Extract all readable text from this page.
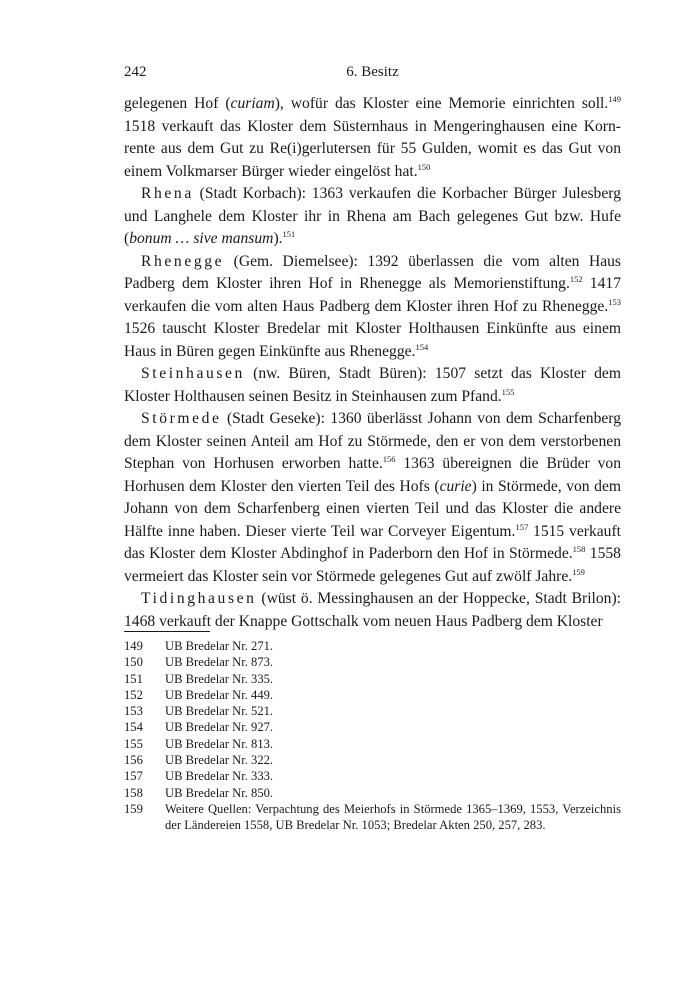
242	6. Besitz

gelegenen Hof (curiam), wofür das Kloster eine Memorie einrichten soll.$^{149}$ 1518 verkauft das Kloster dem Süsternhaus in Mengeringhausen eine Kornrente aus dem Gut zu Re(i)gerlutersen für 55 Gulden, womit es das Gut von einem Volkmarser Bürger wieder eingelöst hat.$^{150}$

Rhena (Stadt Korbach): 1363 verkaufen die Korbacher Bürger Julesberg und Langhele dem Kloster ihr in Rhena am Bach gelegenes Gut bzw. Hufe (bonum … sive mansum).$^{151}$

Rhenegge (Gem. Diemelsee): 1392 überlassen die vom alten Haus Padberg dem Kloster ihren Hof in Rhenegge als Memorienstiftung.$^{152}$ 1417 verkaufen die vom alten Haus Padberg dem Kloster ihren Hof zu Rhenegge.$^{153}$ 1526 tauscht Kloster Bredelar mit Kloster Holthausen Einkünfte aus einem Haus in Büren gegen Einkünfte aus Rhenegge.$^{154}$

Steinhausen (nw. Büren, Stadt Büren): 1507 setzt das Kloster dem Kloster Holthausen seinen Besitz in Steinhausen zum Pfand.$^{155}$

Störmede (Stadt Geseke): 1360 überlässt Johann von dem Scharfenberg dem Kloster seinen Anteil am Hof zu Störmede, den er von dem verstorbenen Stephan von Horhusen erworben hatte.$^{156}$ 1363 übereignen die Brüder von Horhusen dem Kloster den vierten Teil des Hofs (curie) in Störmede, von dem Johann von dem Scharfenberg einen vierten Teil und das Kloster die andere Hälfte inne haben. Dieser vierte Teil war Corveyer Eigentum.$^{157}$ 1515 verkauft das Kloster dem Kloster Abdinghof in Paderborn den Hof in Störmede.$^{158}$ 1558 vermeiert das Kloster sein vor Störmede gelegenes Gut auf zwölf Jahre.$^{159}$

Tidinghausen (wüst ö. Messinghausen an der Hoppecke, Stadt Brilon): 1468 verkauft der Knappe Gottschalk vom neuen Haus Padberg dem Kloster

149	UB Bredelar Nr. 271.
150	UB Bredelar Nr. 873.
151	UB Bredelar Nr. 335.
152	UB Bredelar Nr. 449.
153	UB Bredelar Nr. 521.
154	UB Bredelar Nr. 927.
155	UB Bredelar Nr. 813.
156	UB Bredelar Nr. 322.
157	UB Bredelar Nr. 333.
158	UB Bredelar Nr. 850.
159	Weitere Quellen: Verpachtung des Meierhofs in Störmede 1365–1369, 1553, Verzeichnis der Ländereien 1558, UB Bredelar Nr. 1053; Bredelar Akten 250, 257, 283.
